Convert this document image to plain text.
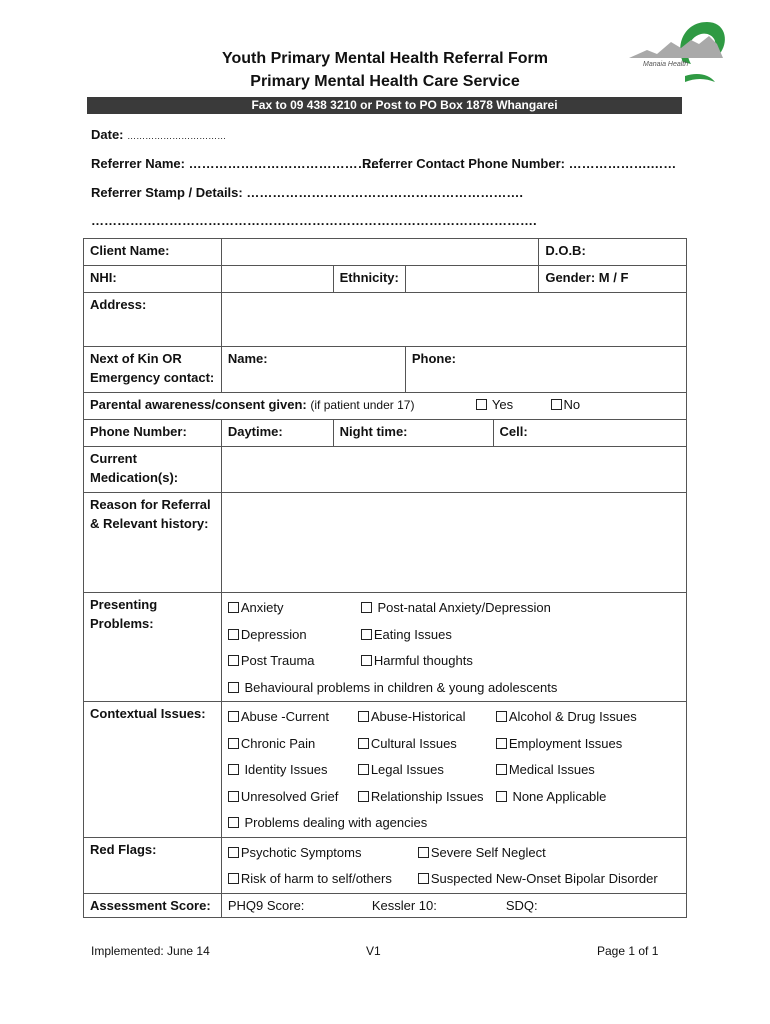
Manaia Health
Youth Primary Mental Health Referral Form
Primary Mental Health Care Service
Fax to 09 438 3210 or Post to PO Box 1878 Whangarei
Date: ……………………………
Referrer Name: ………………………………………
Referrer Contact Phone Number: ……………….……
Referrer Stamp / Details: ……………………………………………………….
………………………………………………………………………………………….
Client Name:					D.O.B:
NHI:		Ethnicity:			Gender: M / F
Address:					
Next of Kin OR Emergency contact:	Name:		Phone:		
Parental awareness/consent given: (if patient under 17) Yes No					

Phone Number:	Daytime:	Night time:		Cell:	
Current Medication(s):					
Reason for Referral & Relevant history:					
Presenting Problems:	Anxiety Post-natal Anxiety/Depression
Depression Eating Issues
Post Trauma Harmful thoughts
Behavioural problems in children & young adolescents				

Contextual Issues:	Abuse -Current Abuse-Historical Alcohol & Drug Issues
Chronic Pain Cultural Issues Employment Issues
Identity Issues Legal Issues Medical Issues
Unresolved Grief Relationship Issues None Applicable
Problems dealing with agencies				

Red Flags:	Psychotic Symptoms Severe Self Neglect
Risk of harm to self/others Suspected New-Onset Bipolar Disorder				

Assessment Score:	PHQ9 Score: Kessler 10: SDQ:				
Implemented: June 14	V1	Page 1 of 1
